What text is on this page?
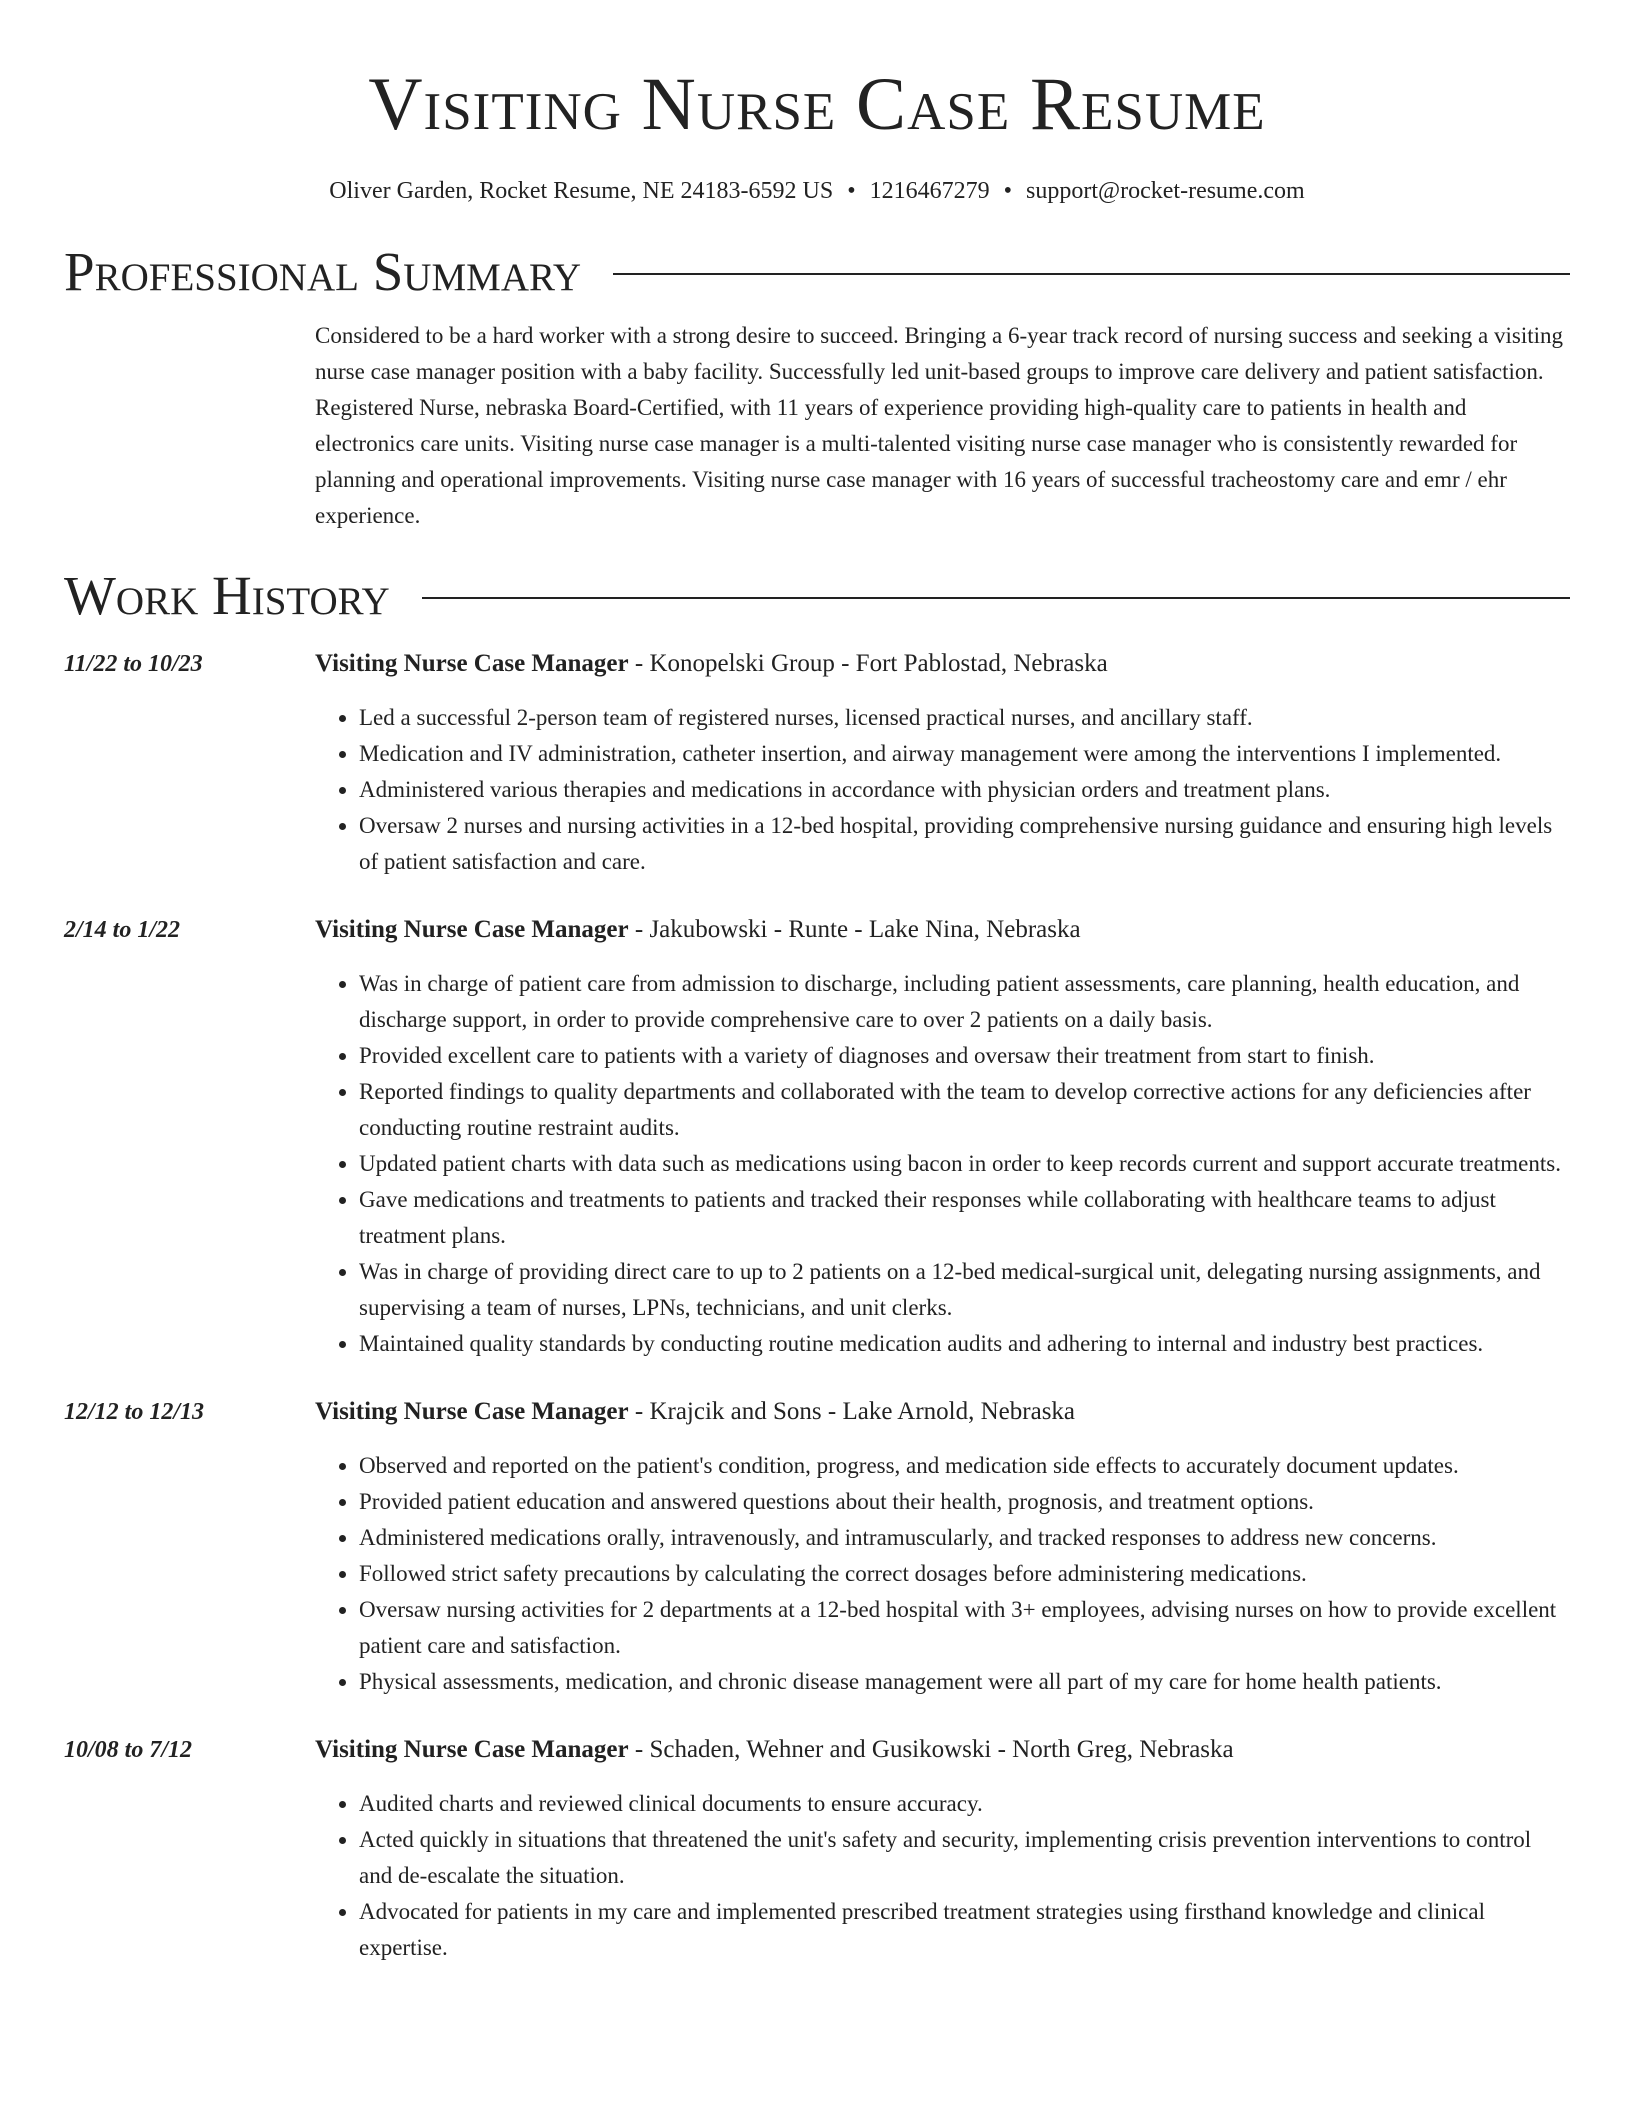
Visiting Nurse Case Resume
Oliver Garden, Rocket Resume, NE 24183-6592 US • 1216467279 • support@rocket-resume.com
Professional Summary

Considered to be a hard worker with a strong desire to succeed. Bringing a 6-year track record of nursing success and seeking a visiting nurse case manager position with a baby facility. Successfully led unit-based groups to improve care delivery and patient satisfaction. Registered Nurse, nebraska Board-Certified, with 11 years of experience providing high-quality care to patients in health and electronics care units. Visiting nurse case manager is a multi-talented visiting nurse case manager who is consistently rewarded for planning and operational improvements. Visiting nurse case manager with 16 years of successful tracheostomy care and emr / ehr experience.

Work History
11/22 to 10/23	Visiting Nurse Case Manager - Konopelski Group - Fort Pablostad, Nebraska
• Led a successful 2-person team of registered nurses, licensed practical nurses, and ancillary staff.
• Medication and IV administration, catheter insertion, and airway management were among the interventions I implemented.
• Administered various therapies and medications in accordance with physician orders and treatment plans.
• Oversaw 2 nurses and nursing activities in a 12-bed hospital, providing comprehensive nursing guidance and ensuring high levels of patient satisfaction and care.
2/14 to 1/22	Visiting Nurse Case Manager - Jakubowski - Runte - Lake Nina, Nebraska
• Was in charge of patient care from admission to discharge, including patient assessments, care planning, health education, and discharge support, in order to provide comprehensive care to over 2 patients on a daily basis.
• Provided excellent care to patients with a variety of diagnoses and oversaw their treatment from start to finish.
• Reported findings to quality departments and collaborated with the team to develop corrective actions for any deficiencies after conducting routine restraint audits.
• Updated patient charts with data such as medications using bacon in order to keep records current and support accurate treatments.
• Gave medications and treatments to patients and tracked their responses while collaborating with healthcare teams to adjust treatment plans.
• Was in charge of providing direct care to up to 2 patients on a 12-bed medical-surgical unit, delegating nursing assignments, and supervising a team of nurses, LPNs, technicians, and unit clerks.
• Maintained quality standards by conducting routine medication audits and adhering to internal and industry best practices.
12/12 to 12/13	Visiting Nurse Case Manager - Krajcik and Sons - Lake Arnold, Nebraska
• Observed and reported on the patient's condition, progress, and medication side effects to accurately document updates.
• Provided patient education and answered questions about their health, prognosis, and treatment options.
• Administered medications orally, intravenously, and intramuscularly, and tracked responses to address new concerns.
• Followed strict safety precautions by calculating the correct dosages before administering medications.
• Oversaw nursing activities for 2 departments at a 12-bed hospital with 3+ employees, advising nurses on how to provide excellent patient care and satisfaction.
• Physical assessments, medication, and chronic disease management were all part of my care for home health patients.
10/08 to 7/12	Visiting Nurse Case Manager - Schaden, Wehner and Gusikowski - North Greg, Nebraska
• Audited charts and reviewed clinical documents to ensure accuracy.
• Acted quickly in situations that threatened the unit's safety and security, implementing crisis prevention interventions to control and de-escalate the situation.
• Advocated for patients in my care and implemented prescribed treatment strategies using firsthand knowledge and clinical expertise.
